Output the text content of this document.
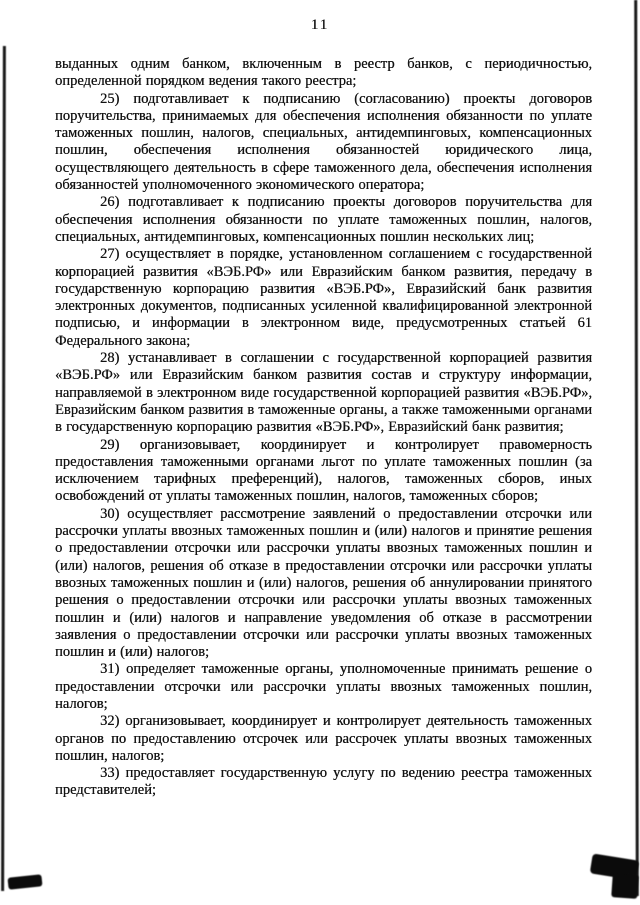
11

выданных одним банком, включенным в реестр банков, с периодичностью, определенной порядком ведения такого реестра;

25) подготавливает к подписанию (согласованию) проекты договоров поручительства, принимаемых для обеспечения исполнения обязанности по уплате таможенных пошлин, налогов, специальных, антидемпинговых, компенсационных пошлин, обеспечения исполнения обязанностей юридического лица, осуществляющего деятельность в сфере таможенного дела, обеспечения исполнения обязанностей уполномоченного экономического оператора;

26) подготавливает к подписанию проекты договоров поручительства для обеспечения исполнения обязанности по уплате таможенных пошлин, налогов, специальных, антидемпинговых, компенсационных пошлин нескольких лиц;

27) осуществляет в порядке, установленном соглашением с государственной корпорацией развития «ВЭБ.РФ» или Евразийским банком развития, передачу в государственную корпорацию развития «ВЭБ.РФ», Евразийский банк развития электронных документов, подписанных усиленной квалифицированной электронной подписью, и информации в электронном виде, предусмотренных статьей 61 Федерального закона;

28) устанавливает в соглашении с государственной корпорацией развития «ВЭБ.РФ» или Евразийским банком развития состав и структуру информации, направляемой в электронном виде государственной корпорацией развития «ВЭБ.РФ», Евразийским банком развития в таможенные органы, а также таможенными органами в государственную корпорацию развития «ВЭБ.РФ», Евразийский банк развития;

29) организовывает, координирует и контролирует правомерность предоставления таможенными органами льгот по уплате таможенных пошлин (за исключением тарифных преференций), налогов, таможенных сборов, иных освобождений от уплаты таможенных пошлин, налогов, таможенных сборов;

30) осуществляет рассмотрение заявлений о предоставлении отсрочки или рассрочки уплаты ввозных таможенных пошлин и (или) налогов и принятие решения о предоставлении отсрочки или рассрочки уплаты ввозных таможенных пошлин и (или) налогов, решения об отказе в предоставлении отсрочки или рассрочки уплаты ввозных таможенных пошлин и (или) налогов, решения об аннулировании принятого решения о предоставлении отсрочки или рассрочки уплаты ввозных таможенных пошлин и (или) налогов и направление уведомления об отказе в рассмотрении заявления о предоставлении отсрочки или рассрочки уплаты ввозных таможенных пошлин и (или) налогов;

31) определяет таможенные органы, уполномоченные принимать решение о предоставлении отсрочки или рассрочки уплаты ввозных таможенных пошлин, налогов;

32) организовывает, координирует и контролирует деятельность таможенных органов по предоставлению отсрочек или рассрочек уплаты ввозных таможенных пошлин, налогов;

33) предоставляет государственную услугу по ведению реестра таможенных представителей;
